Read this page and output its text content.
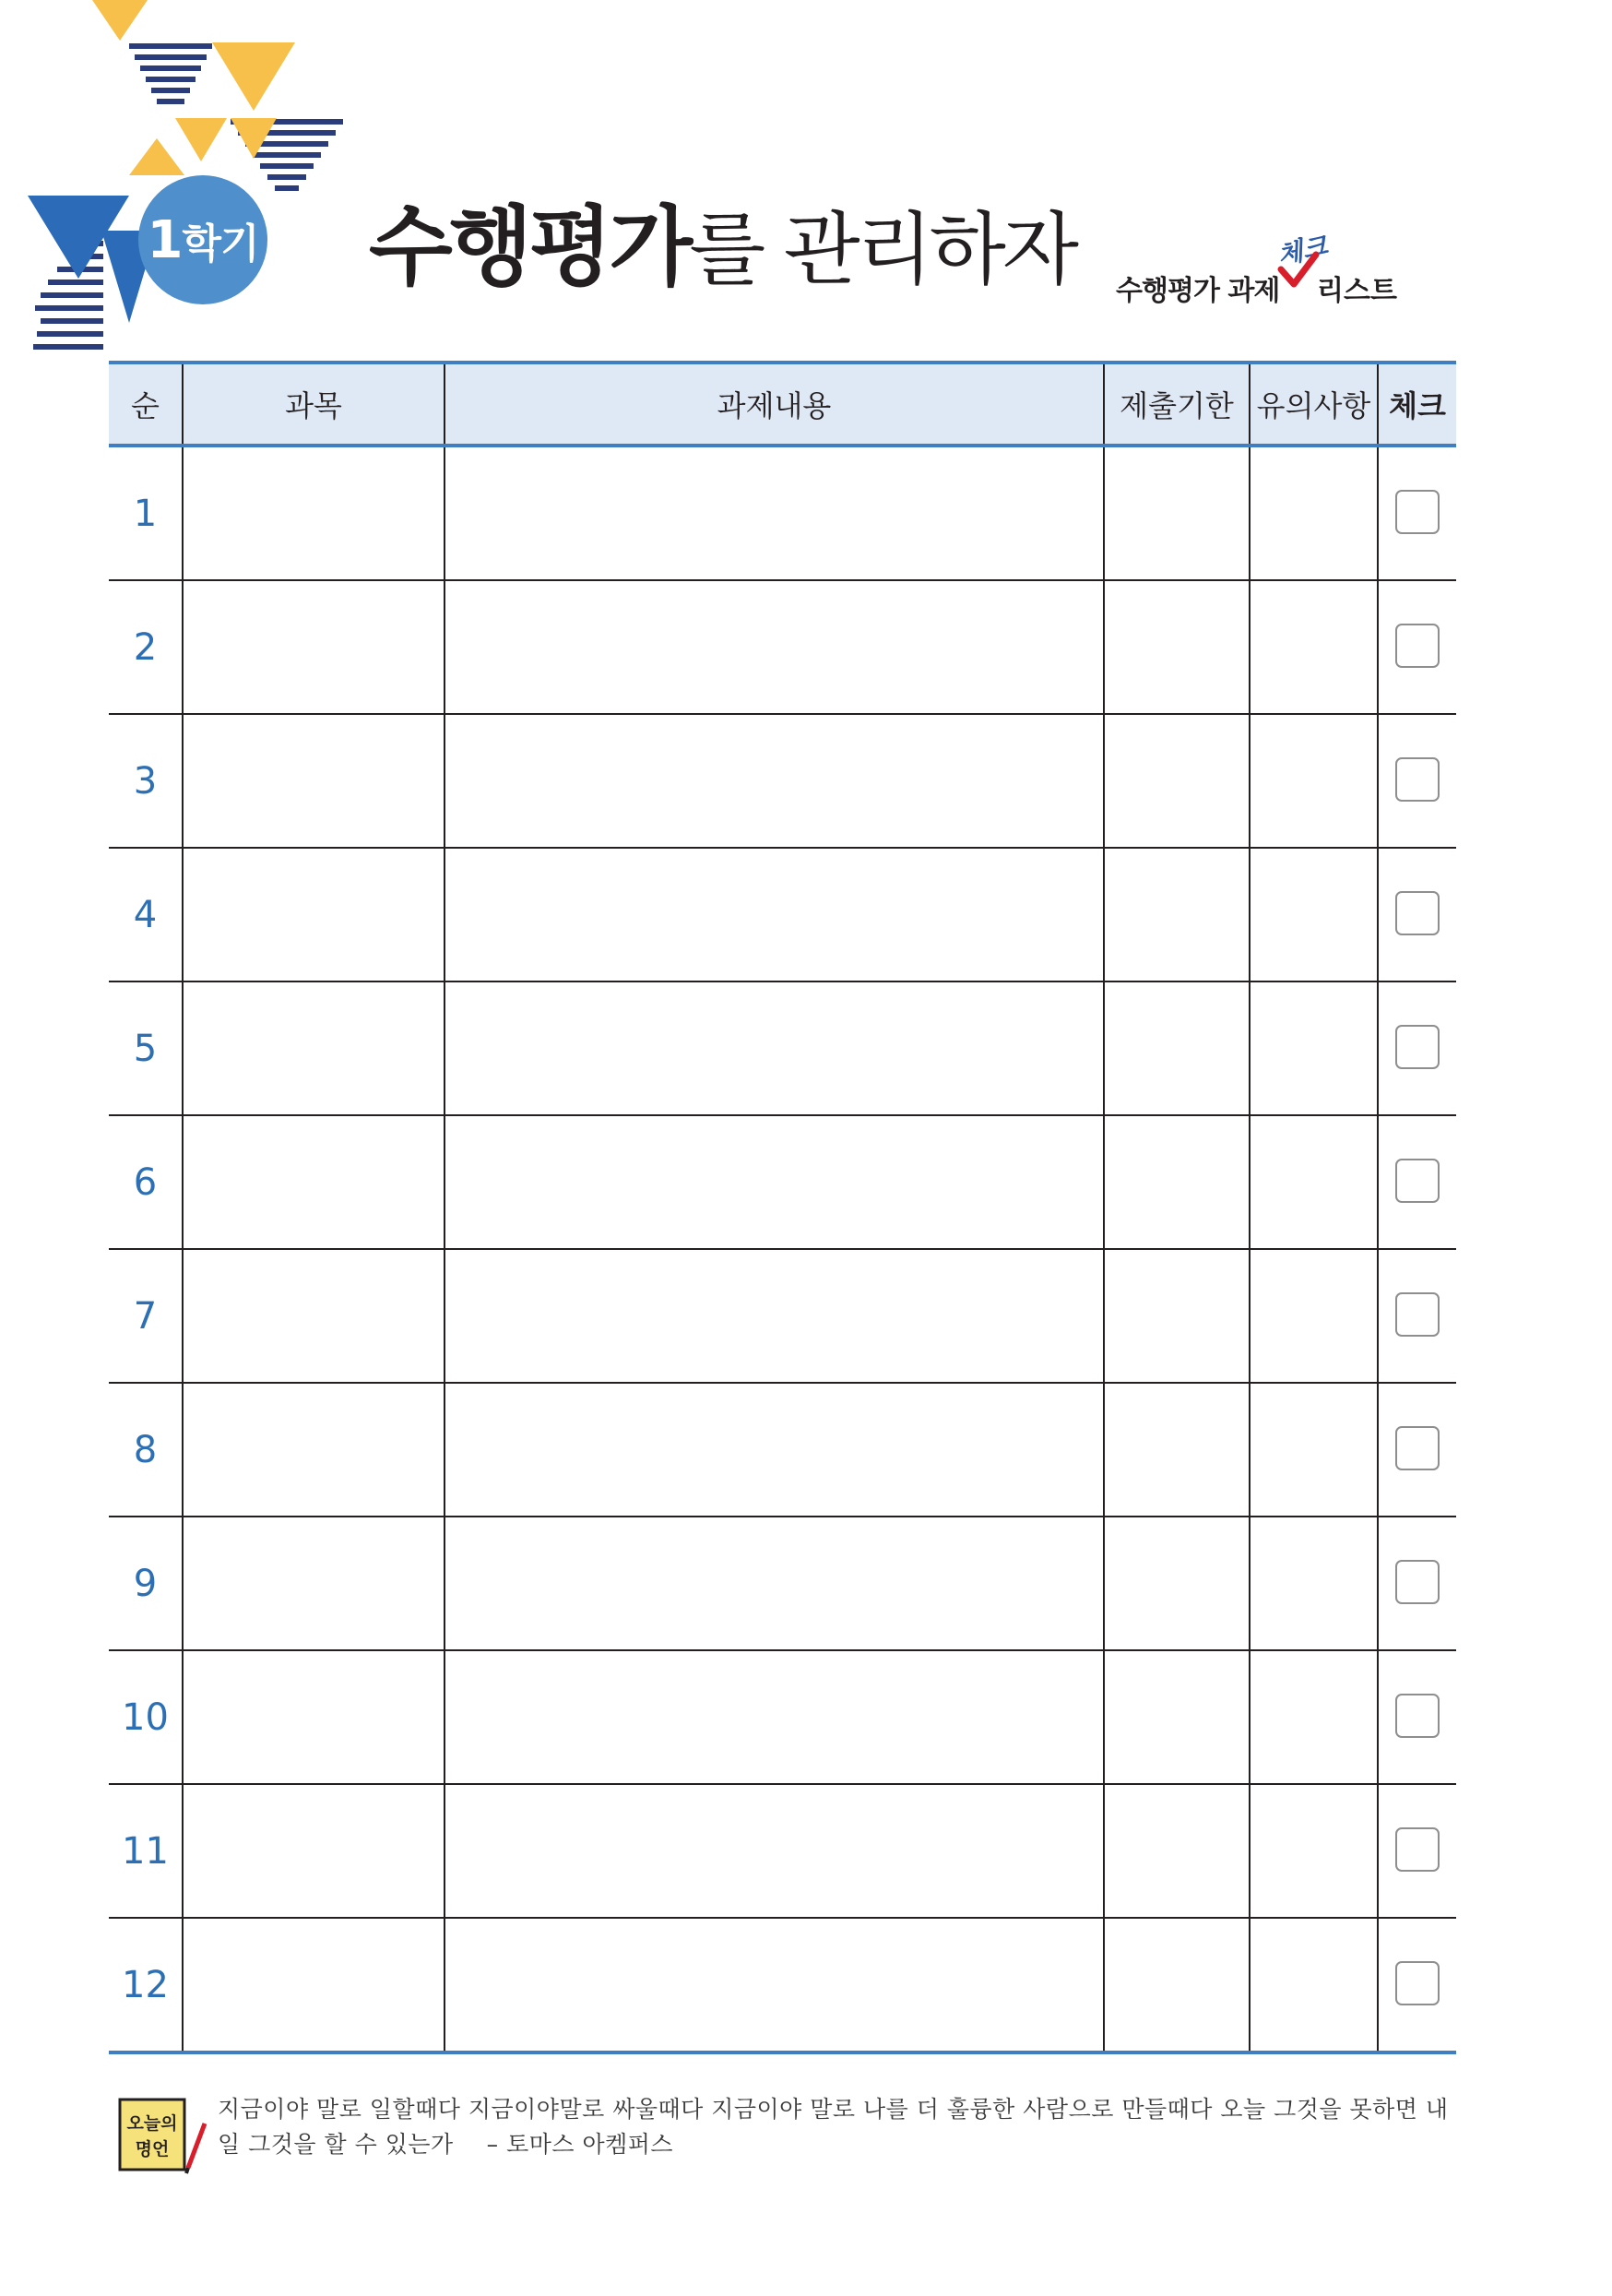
1 학기 수행평가를 관리하자 수행평가 과제
체크
리스트
순	과목	과제내용	제출기한	유의사항	체크
1					
2					
3					
4					
5					
6					
7					
8					
9					
10					
11					
12					
오늘의
명언
지금이야 말로 일할때다 지금이야말로 싸울때다 지금이야 말로 나를 더 훌륭한 사람으로 만들때다 오늘 그것을 못하면 내일 그것을 할 수 있는가 – 토마스 아켐퍼스
